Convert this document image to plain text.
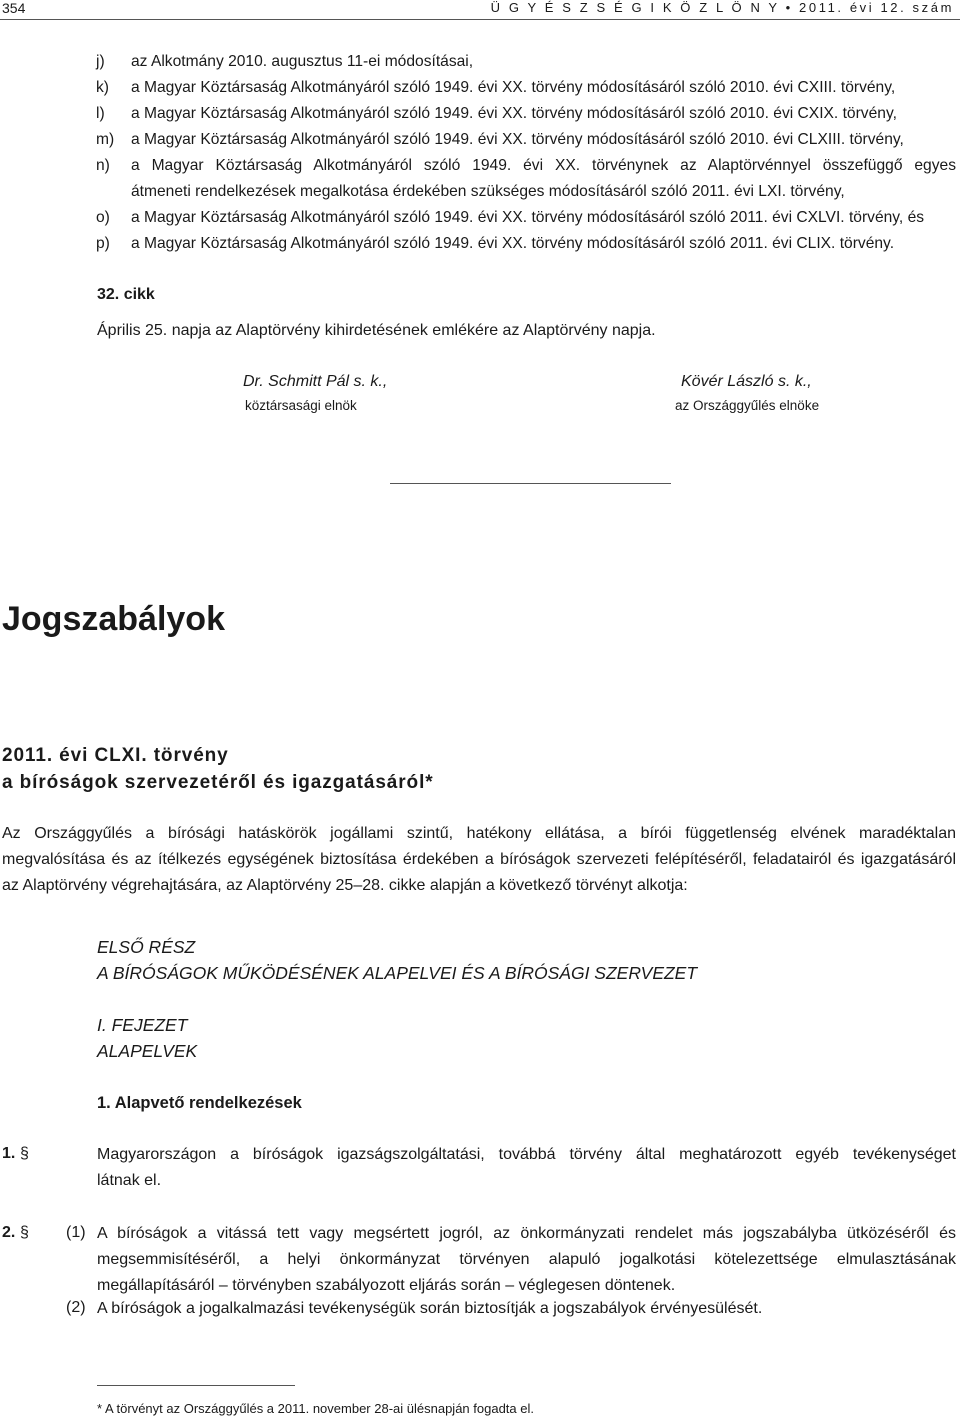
354	Ü G Y É S Z S É G I K Ö Z L Ö N Y • 2011. évi 12. szám
j) az Alkotmány 2010. augusztus 11-ei módosításai,
k) a Magyar Köztársaság Alkotmányáról szóló 1949. évi XX. törvény módosításáról szóló 2010. évi CXIII. törvény,
l) a Magyar Köztársaság Alkotmányáról szóló 1949. évi XX. törvény módosításáról szóló 2010. évi CXIX. törvény,
m) a Magyar Köztársaság Alkotmányáról szóló 1949. évi XX. törvény módosításáról szóló 2010. évi CLXIII. törvény,
n) a Magyar Köztársaság Alkotmányáról szóló 1949. évi XX. törvénynek az Alaptörvénnyel összefüggő egyes
átmeneti rendelkezések megalkotása érdekében szükséges módosításáról szóló 2011. évi LXI. törvény,
o) a Magyar Köztársaság Alkotmányáról szóló 1949. évi XX. törvény módosításáról szóló 2011. évi CXLVI. törvény, és
p) a Magyar Köztársaság Alkotmányáról szóló 1949. évi XX. törvény módosításáról szóló 2011. évi CLIX. törvény.
32. cikk
Április 25. napja az Alaptörvény kihirdetésének emlékére az Alaptörvény napja.
Dr. Schmitt Pál s. k.,
köztársasági elnök
Kövér László s. k.,
az Országgyűlés elnöke
Jogszabályok
2011. évi CLXI. törvény
a bíróságok szervezetéről és igazgatásáról*
Az Országgyűlés a bírósági hatáskörök jogállami szintű, hatékony ellátása, a bírói függetlenség elvének maradéktalan
megvalósítása és az ítélkezés egységének biztosítása érdekében a bíróságok szervezeti felépítéséről, feladatairól és igazgatásáról
az Alaptörvény végrehajtására, az Alaptörvény 25–28. cikke alapján a következő törvényt alkotja:
ELSŐ RÉSZ
A BÍRÓSÁGOK MŰKÖDÉSÉNEK ALAPELVEI ÉS A BÍRÓSÁGI SZERVEZET
I. FEJEZET
ALAPELVEK
1. Alapvető rendelkezések
1. §	Magyarországon a bíróságok igazságszolgáltatási, továbbá törvény által meghatározott egyéb tevékenységet
látnak el.
2. § (1) A bíróságok a vitássá tett vagy megsértett jogról, az önkormányzati rendelet más jogszabályba ütközéséről és
megsemmisítéséről, a helyi önkormányzat törvényen alapuló jogalkotási kötelezettsége elmulasztásának
megállapításáról – törvényben szabályozott eljárás során – véglegesen döntenek.
(2) A bíróságok a jogalkalmazási tevékenységük során biztosítják a jogszabályok érvényesülését.
* A törvényt az Országgyűlés a 2011. november 28-ai ülésnapján fogadta el.
